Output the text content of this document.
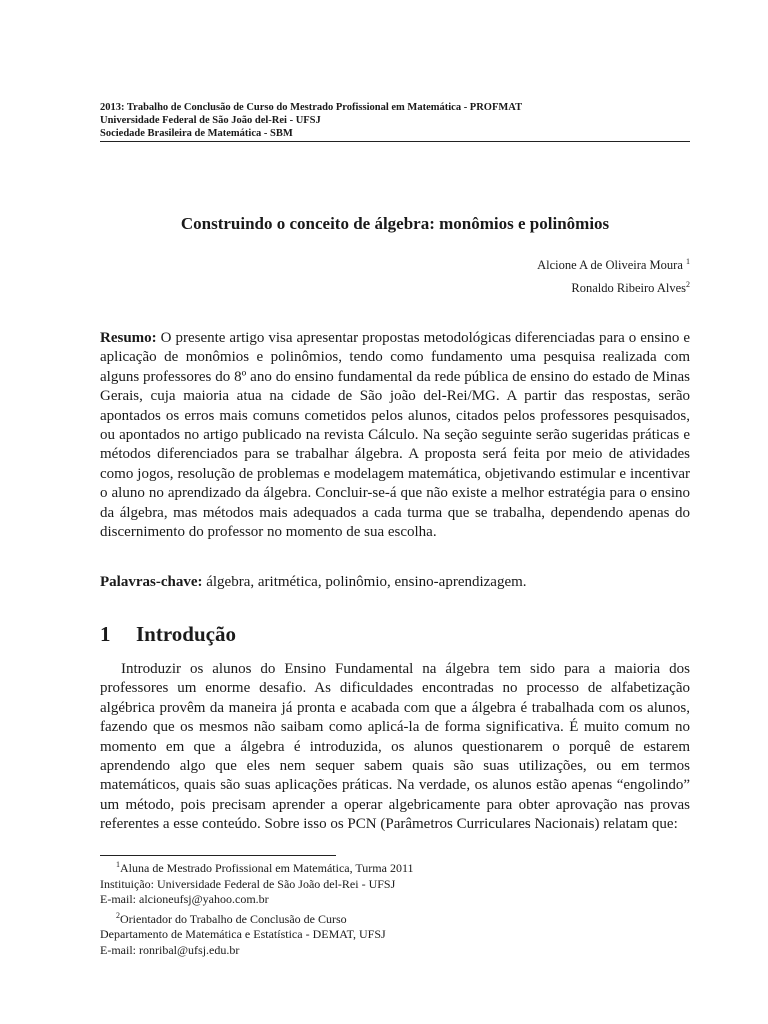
2013: Trabalho de Conclusão de Curso do Mestrado Profissional em Matemática - PROFMAT
Universidade Federal de São João del-Rei - UFSJ
Sociedade Brasileira de Matemática - SBM
Construindo o conceito de álgebra: monômios e polinômios
Alcione A de Oliveira Moura $^1$
Ronaldo Ribeiro Alves$^2$

Resumo: O presente artigo visa apresentar propostas metodológicas diferenciadas para o ensino e aplicação de monômios e polinômios, tendo como fundamento uma pesquisa realizada com alguns professores do 8º ano do ensino fundamental da rede pública de ensino do estado de Minas Gerais, cuja maioria atua na cidade de São joão del-Rei/MG. A partir das respostas, serão apontados os erros mais comuns cometidos pelos alunos, citados pelos professores pesquisados, ou apontados no artigo publicado na revista Cálculo. Na seção seguinte serão sugeridas práticas e métodos diferenciados para se trabalhar álgebra. A proposta será feita por meio de atividades como jogos, resolução de problemas e modelagem matemática, objetivando estimular e incentivar o aluno no aprendizado da álgebra. Concluir-se-á que não existe a melhor estratégia para o ensino da álgebra, mas métodos mais adequados a cada turma que se trabalha, dependendo apenas do discernimento do professor no momento de sua escolha.

Palavras-chave: álgebra, aritmética, polinômio, ensino-aprendizagem.

1 Introdução

Introduzir os alunos do Ensino Fundamental na álgebra tem sido para a maioria dos professores um enorme desafio. As dificuldades encontradas no processo de alfabetização algébrica provêm da maneira já pronta e acabada com que a álgebra é trabalhada com os alunos, fazendo que os mesmos não saibam como aplicá-la de forma significativa. É muito comum no momento em que a álgebra é introduzida, os alunos questionarem o porquê de estarem aprendendo algo que eles nem sequer sabem quais são suas utilizações, ou em termos matemáticos, quais são suas aplicações práticas. Na verdade, os alunos estão apenas “engolindo” um método, pois precisam aprender a operar algebricamente para obter aprovação nas provas referentes a esse conteúdo. Sobre isso os PCN (Parâmetros Curriculares Nacionais) relatam que:

$^1$Aluna de Mestrado Profissional em Matemática, Turma 2011
Instituição: Universidade Federal de São João del-Rei - UFSJ
E-mail: alcioneufsj@yahoo.com.br
$^2$Orientador do Trabalho de Conclusão de Curso
Departamento de Matemática e Estatística - DEMAT, UFSJ
E-mail: ronribal@ufsj.edu.br
